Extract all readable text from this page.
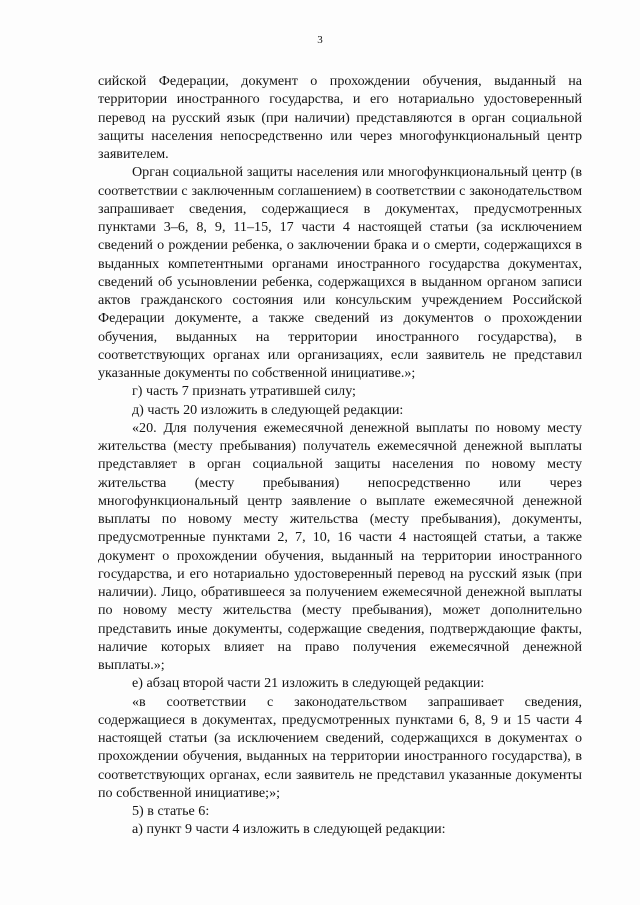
3

сийской Федерации, документ о прохождении обучения, выданный на территории иностранного государства, и его нотариально удостоверенный перевод на русский язык (при наличии) представляются в орган социальной защиты населения непосредственно или через многофункциональный центр заявителем.

Орган социальной защиты населения или многофункциональный центр (в соответствии с заключенным соглашением) в соответствии с законодательством запрашивает сведения, содержащиеся в документах, предусмотренных пунктами 3–6, 8, 9, 11–15, 17 части 4 настоящей статьи (за исключением сведений о рождении ребенка, о заключении брака и о смерти, содержащихся в выданных компетентными органами иностранного государства документах, сведений об усыновлении ребенка, содержащихся в выданном органом записи актов гражданского состояния или консульским учреждением Российской Федерации документе, а также сведений из документов о прохождении обучения, выданных на территории иностранного государства), в соответствующих органах или организациях, если заявитель не представил указанные документы по собственной инициативе.»;

г) часть 7 признать утратившей силу;

д) часть 20 изложить в следующей редакции:

«20. Для получения ежемесячной денежной выплаты по новому месту жительства (месту пребывания) получатель ежемесячной денежной выплаты представляет в орган социальной защиты населения по новому месту жительства (месту пребывания) непосредственно или через многофункциональный центр заявление о выплате ежемесячной денежной выплаты по новому месту жительства (месту пребывания), документы, предусмотренные пунктами 2, 7, 10, 16 части 4 настоящей статьи, а также документ о прохождении обучения, выданный на территории иностранного государства, и его нотариально удостоверенный перевод на русский язык (при наличии). Лицо, обратившееся за получением ежемесячной денежной выплаты по новому месту жительства (месту пребывания), может дополнительно представить иные документы, содержащие сведения, подтверждающие факты, наличие которых влияет на право получения ежемесячной денежной выплаты.»;

е) абзац второй части 21 изложить в следующей редакции:

«в соответствии с законодательством запрашивает сведения, содержащиеся в документах, предусмотренных пунктами 6, 8, 9 и 15 части 4 настоящей статьи (за исключением сведений, содержащихся в документах о прохождении обучения, выданных на территории иностранного государства), в соответствующих органах, если заявитель не представил указанные документы по собственной инициативе;»;

5) в статье 6:

а) пункт 9 части 4 изложить в следующей редакции:
